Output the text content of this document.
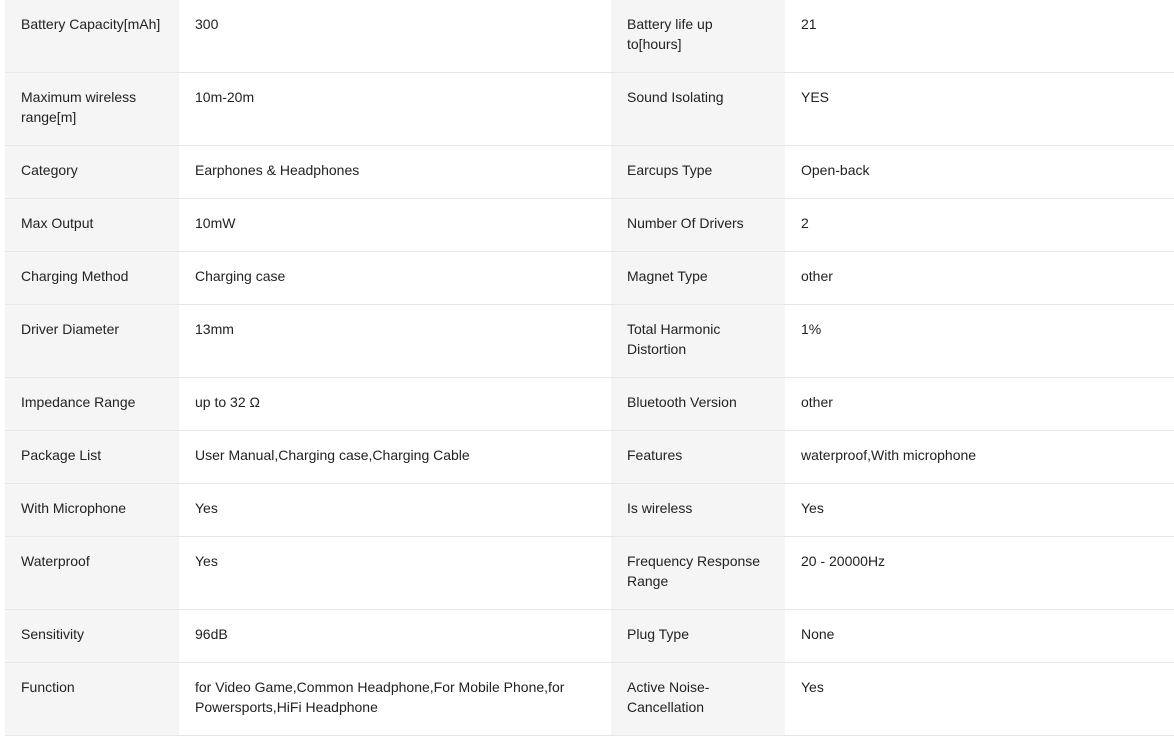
Battery Capacity[mAh]	300	Battery life up to[hours]	21
Maximum wireless range[m]	10m-20m	Sound Isolating	YES
Category	Earphones & Headphones	Earcups Type	Open-back
Max Output	10mW	Number Of Drivers	2
Charging Method	Charging case	Magnet Type	other
Driver Diameter	13mm	Total Harmonic Distortion	1%
Impedance Range	up to 32 Ω	Bluetooth Version	other
Package List	User Manual,Charging case,Charging Cable	Features	waterproof,With microphone
With Microphone	Yes	Is wireless	Yes
Waterproof	Yes	Frequency Response Range	20 - 20000Hz
Sensitivity	96dB	Plug Type	None
Function	for Video Game,Common Headphone,For Mobile Phone,for Powersports,HiFi Headphone	Active Noise-Cancellation	Yes
